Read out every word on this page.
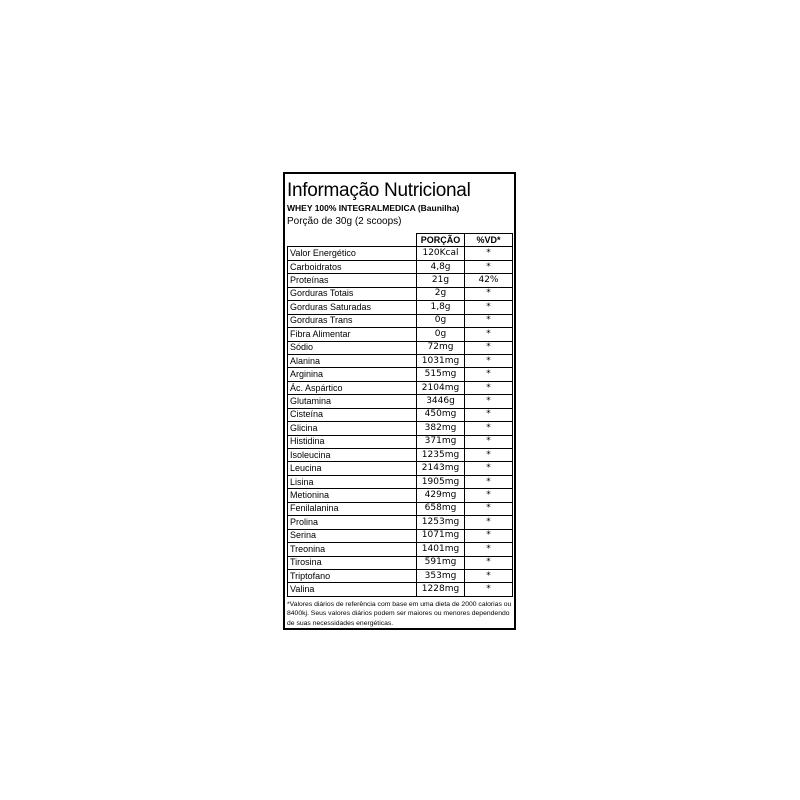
Informação Nutricional
WHEY 100% INTEGRALMEDICA (Baunilha)
Porção de 30g (2 scoops)
	PORÇÃO	%VD*
Valor Energético	120Kcal	*
Carboidratos	4,8g	*
Proteínas	21g	42%
Gorduras Totais	2g	*
Gorduras Saturadas	1,8g	*
Gorduras Trans	0g	*
Fibra Alimentar	0g	*
Sódio	72mg	*
Alanina	1031mg	*
Arginina	515mg	*
Ác. Aspártico	2104mg	*
Glutamina	3446g	*
Cisteína	450mg	*
Glicina	382mg	*
Histidina	371mg	*
Isoleucina	1235mg	*
Leucina	2143mg	*
Lisina	1905mg	*
Metionina	429mg	*
Fenilalanina	658mg	*
Prolina	1253mg	*
Serina	1071mg	*
Treonina	1401mg	*
Tirosina	591mg	*
Triptofano	353mg	*
Valina	1228mg	*
*Valores diários de referência com base em uma dieta de 2000 calorias ou 8400kj. Seus valores diários podem ser maiores ou menores dependendo de suas necessidades energéticas.
